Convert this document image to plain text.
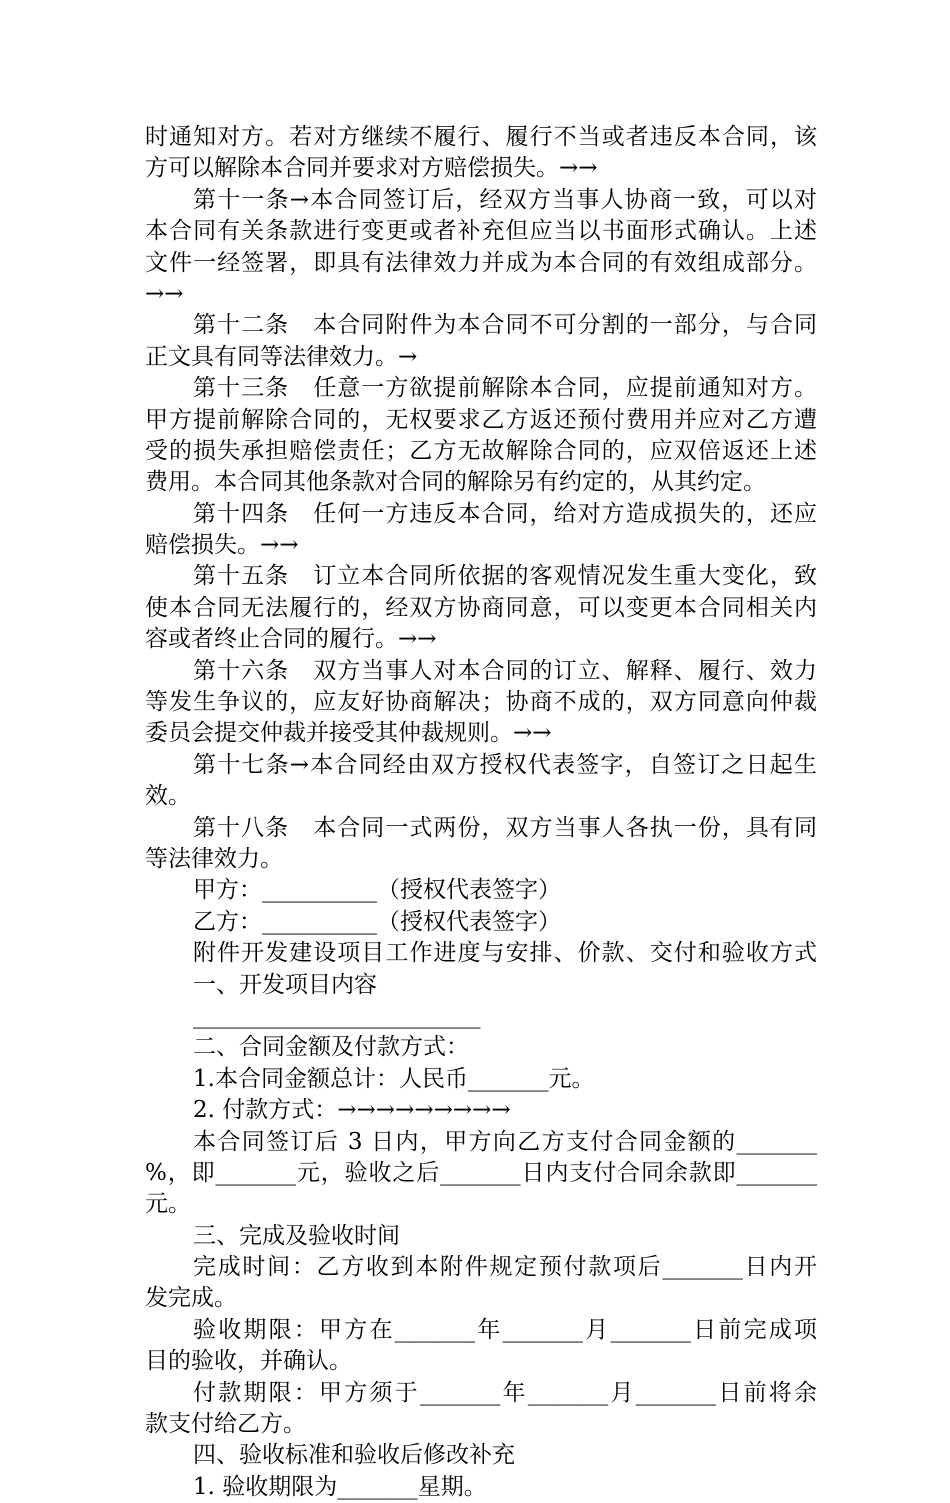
时通知对方。若对方继续不履行、履行不当或者违反本合同，该
方可以解除本合同并要求对方赔偿损失。→→
第十一条→本合同签订后，经双方当事人协商一致，可以对
本合同有关条款进行变更或者补充但应当以书面形式确认。上述
文件一经签署，即具有法律效力并成为本合同的有效组成部分。
→→
第十二条　本合同附件为本合同不可分割的一部分，与合同
正文具有同等法律效力。→
第十三条　任意一方欲提前解除本合同，应提前通知对方。
甲方提前解除合同的，无权要求乙方返还预付费用并应对乙方遭
受的损失承担赔偿责任；乙方无故解除合同的，应双倍返还上述
费用。本合同其他条款对合同的解除另有约定的，从其约定。
第十四条　任何一方违反本合同，给对方造成损失的，还应
赔偿损失。→→
第十五条　订立本合同所依据的客观情况发生重大变化，致
使本合同无法履行的，经双方协商同意，可以变更本合同相关内
容或者终止合同的履行。→→
第十六条　双方当事人对本合同的订立、解释、履行、效力
等发生争议的，应友好协商解决；协商不成的，双方同意向仲裁
委员会提交仲裁并接受其仲裁规则。→→
第十七条→本合同经由双方授权代表签字，自签订之日起生
效。
第十八条　本合同一式两份，双方当事人各执一份，具有同
等法律效力。
甲方：__________（授权代表签字）
乙方：__________（授权代表签字）
附件开发建设项目工作进度与安排、价款、交付和验收方式
一、开发项目内容
_________________________
二、合同金额及付款方式：
1.本合同金额总计：人民币_______元。
2. 付款方式：→→→→→→→→→
本合同签订后 3 日内，甲方向乙方支付合同金额的_______
%，即_______元，验收之后_______日内支付合同余款即_______
元。
三、完成及验收时间
完成时间：乙方收到本附件规定预付款项后_______日内开
发完成。
验收期限：甲方在_______年_______月_______日前完成项
目的验收，并确认。
付款期限：甲方须于_______年_______月_______日前将余
款支付给乙方。
四、验收标准和验收后修改补充
1. 验收期限为_______星期。
